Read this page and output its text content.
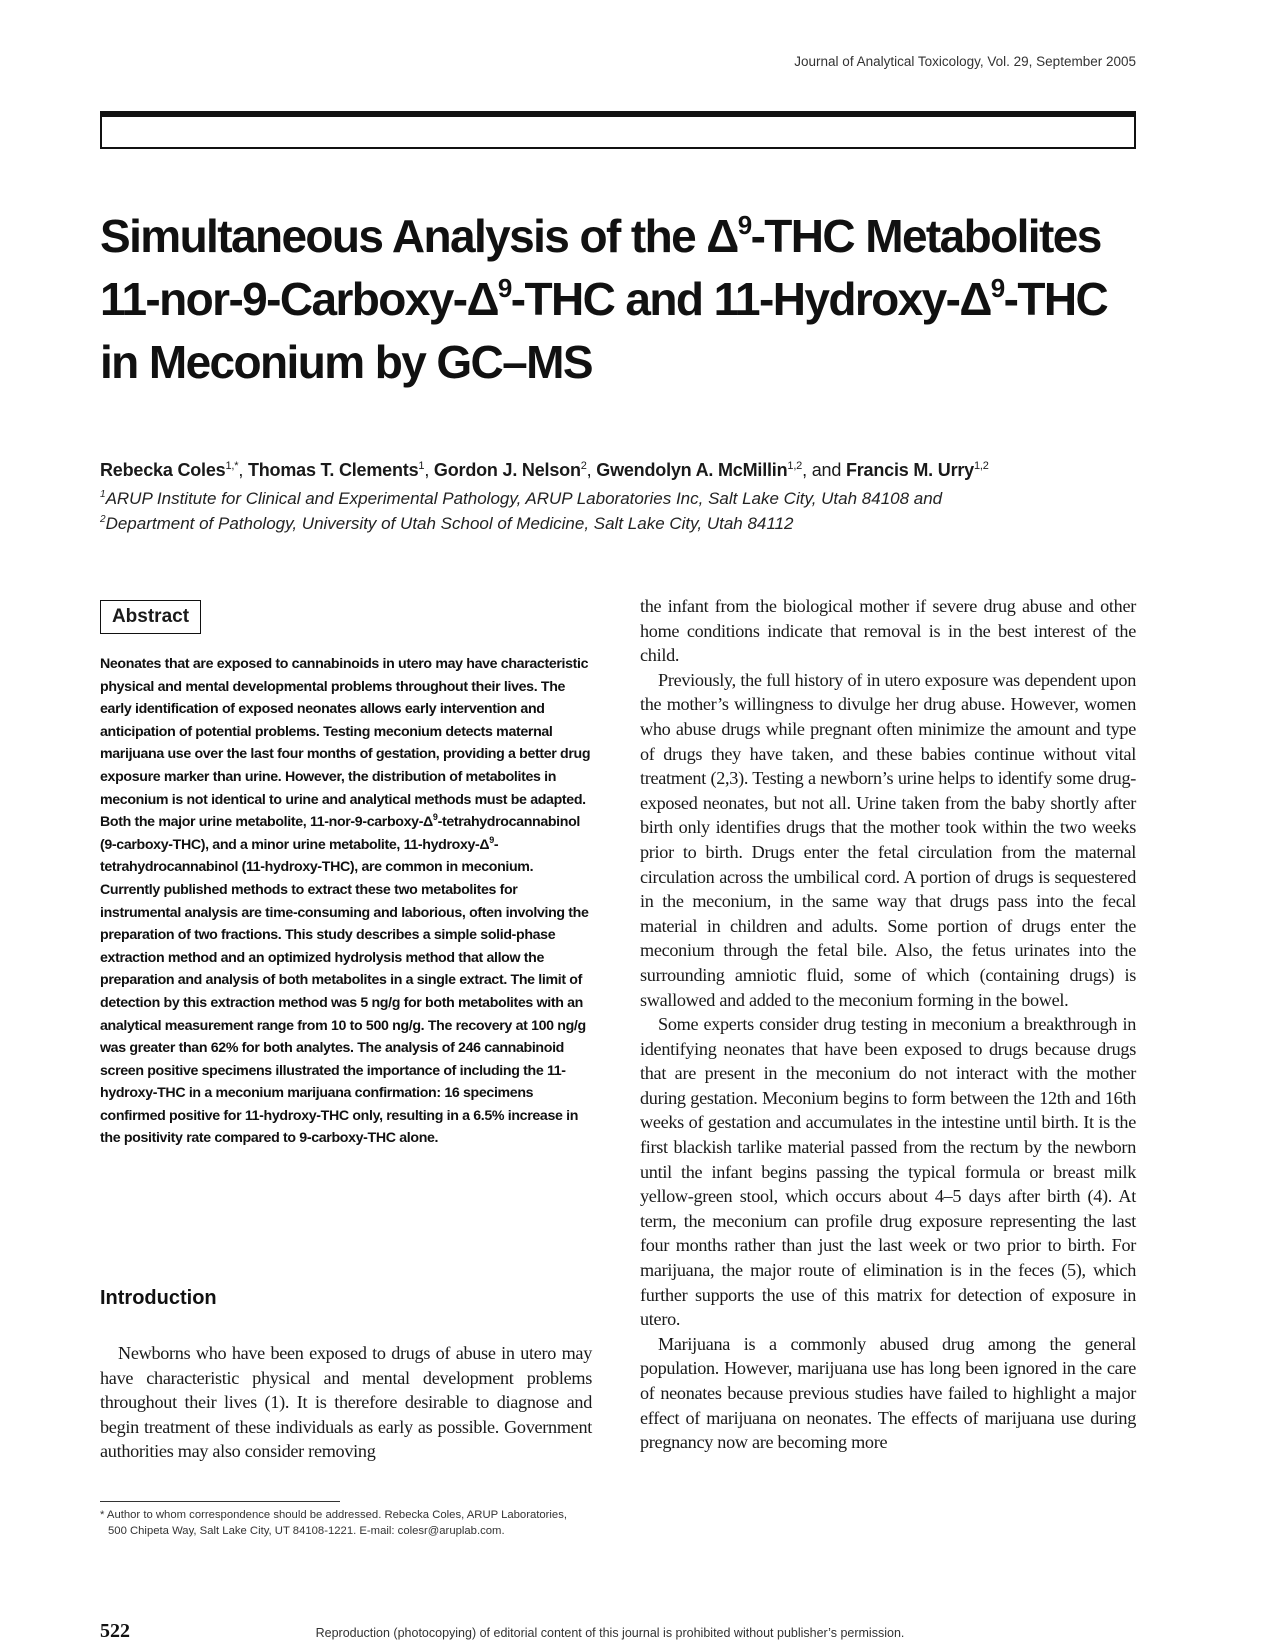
Journal of Analytical Toxicology, Vol. 29, September 2005
Simultaneous Analysis of the $\Delta^9$-THC Metabolites
$11-nor-9-Carboxy-\Delta^9$-THC and $11-Hydroxy-\Delta^9$-THC
in Meconium by GC–MS
Rebecka Coles$^{1,*}$, Thomas T. Clements$^1$, Gordon J. Nelson$^2$, Gwendolyn A. McMillin$^{1,2}$, and Francis M. Urry$^{1,2}$
$^1$ARUP Institute for Clinical and Experimental Pathology, ARUP Laboratories Inc, Salt Lake City, Utah 84108 and
$^2$Department of Pathology, University of Utah School of Medicine, Salt Lake City, Utah 84112
Abstract

Neonates that are exposed to cannabinoids in utero may have characteristic physical and mental developmental problems throughout their lives. The early identification of exposed neonates allows early intervention and anticipation of potential problems. Testing meconium detects maternal marijuana use over the last four months of gestation, providing a better drug exposure marker than urine. However, the distribution of metabolites in meconium is not identical to urine and analytical methods must be adapted. Both the major urine metabolite, $11-nor-9-carboxy-\Delta^9$-tetrahydrocannabinol (9-carboxy-THC), and a minor urine metabolite, $11-hydroxy-\Delta^9$-tetrahydrocannabinol (11-hydroxy-THC), are common in meconium. Currently published methods to extract these two metabolites for instrumental analysis are time-consuming and laborious, often involving the preparation of two fractions. This study describes a simple solid-phase extraction method and an optimized hydrolysis method that allow the preparation and analysis of both metabolites in a single extract. The limit of detection by this extraction method was 5 ng/g for both metabolites with an analytical measurement range from 10 to 500 ng/g. The recovery at 100 ng/g was greater than 62% for both analytes. The analysis of 246 cannabinoid screen positive specimens illustrated the importance of including the 11-hydroxy-THC in a meconium marijuana confirmation: 16 specimens confirmed positive for 11-hydroxy-THC only, resulting in a 6.5% increase in the positivity rate compared to 9-carboxy-THC alone.

Introduction

Newborns who have been exposed to drugs of abuse in utero may have characteristic physical and mental development problems throughout their lives (1). It is therefore desirable to diagnose and begin treatment of these individuals as early as possible. Government authorities may also consider removing

the infant from the biological mother if severe drug abuse and other home conditions indicate that removal is in the best interest of the child.

Previously, the full history of in utero exposure was dependent upon the mother’s willingness to divulge her drug abuse. However, women who abuse drugs while pregnant often minimize the amount and type of drugs they have taken, and these babies continue without vital treatment (2,3). Testing a newborn’s urine helps to identify some drug-exposed neonates, but not all. Urine taken from the baby shortly after birth only identifies drugs that the mother took within the two weeks prior to birth. Drugs enter the fetal circulation from the maternal circulation across the umbilical cord. A portion of drugs is sequestered in the meconium, in the same way that drugs pass into the fecal material in children and adults. Some portion of drugs enter the meconium through the fetal bile. Also, the fetus urinates into the surrounding amniotic fluid, some of which (containing drugs) is swallowed and added to the meconium forming in the bowel.

Some experts consider drug testing in meconium a breakthrough in identifying neonates that have been exposed to drugs because drugs that are present in the meconium do not interact with the mother during gestation. Meconium begins to form between the 12th and 16th weeks of gestation and accumulates in the intestine until birth. It is the first blackish tarlike material passed from the rectum by the newborn until the infant begins passing the typical formula or breast milk yellow-green stool, which occurs about 4–5 days after birth (4). At term, the meconium can profile drug exposure representing the last four months rather than just the last week or two prior to birth. For marijuana, the major route of elimination is in the feces (5), which further supports the use of this matrix for detection of exposure in utero.

Marijuana is a commonly abused drug among the general population. However, marijuana use has long been ignored in the care of neonates because previous studies have failed to highlight a major effect of marijuana on neonates. The effects of marijuana use during pregnancy now are becoming more

* Author to whom correspondence should be addressed. Rebecka Coles, ARUP Laboratories,
500 Chipeta Way, Salt Lake City, UT 84108-1221. E-mail: colesr@aruplab.com.
522	Reproduction (photocopying) of editorial content of this journal is prohibited without publisher’s permission.
